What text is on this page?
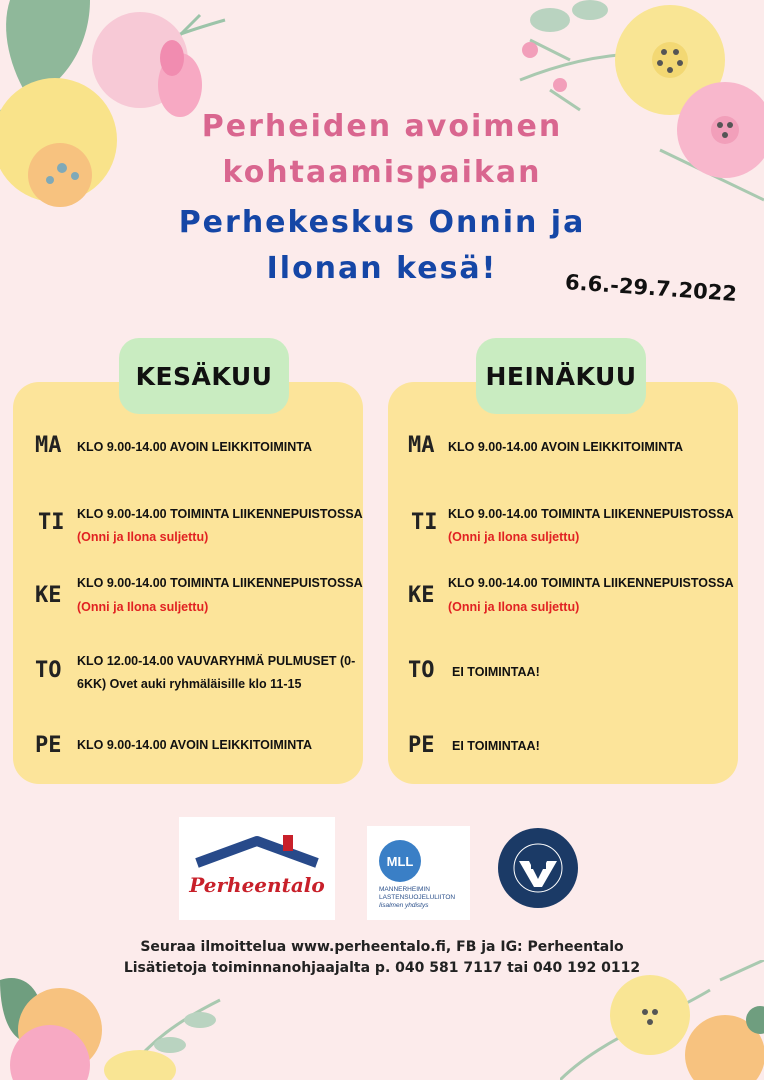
Perheiden avoimen
kohtaamispaikan
Perhekeskus Onnin ja
Ilonan kesä!
6.6.-29.7.2022
KESÄKUU	HEINÄKUU
MA	KLO 9.00-14.00 AVOIN LEIKKITOIMINTA
TI	KLO 9.00-14.00 TOIMINTA LIIKENNEPUISTOSSA
(Onni ja Ilona suljettu)
KE	KLO 9.00-14.00 TOIMINTA LIIKENNEPUISTOSSA
(Onni ja Ilona suljettu)
TO	KLO 12.00-14.00 VAUVARYHMÄ PULMUSET (0-
6KK) Ovet auki ryhmäläisille klo 11-15
PE	KLO 9.00-14.00 AVOIN LEIKKITOIMINTA
MA	KLO 9.00-14.00 AVOIN LEIKKITOIMINTA
TI KLO 9.00-14.00 TOIMINTA LIIKENNEPUISTOSSA
(Onni ja Ilona suljettu)
KE	KLO 9.00-14.00 TOIMINTA LIIKENNEPUISTOSSA
(Onni ja Ilona suljettu)
TO	EI TOIMINTAA!
PE	EI TOIMINTAA!
Perheentalo
MLL
MANNERHEIMIN
LASTENSUOJELULIITON
Iisalmen yhdistys
Seuraa ilmoittelua www.perheentalo.fi, FB ja IG: Perheentalo
Lisätietoja toiminnanohjaajalta p. 040 581 7117 tai 040 192 0112
